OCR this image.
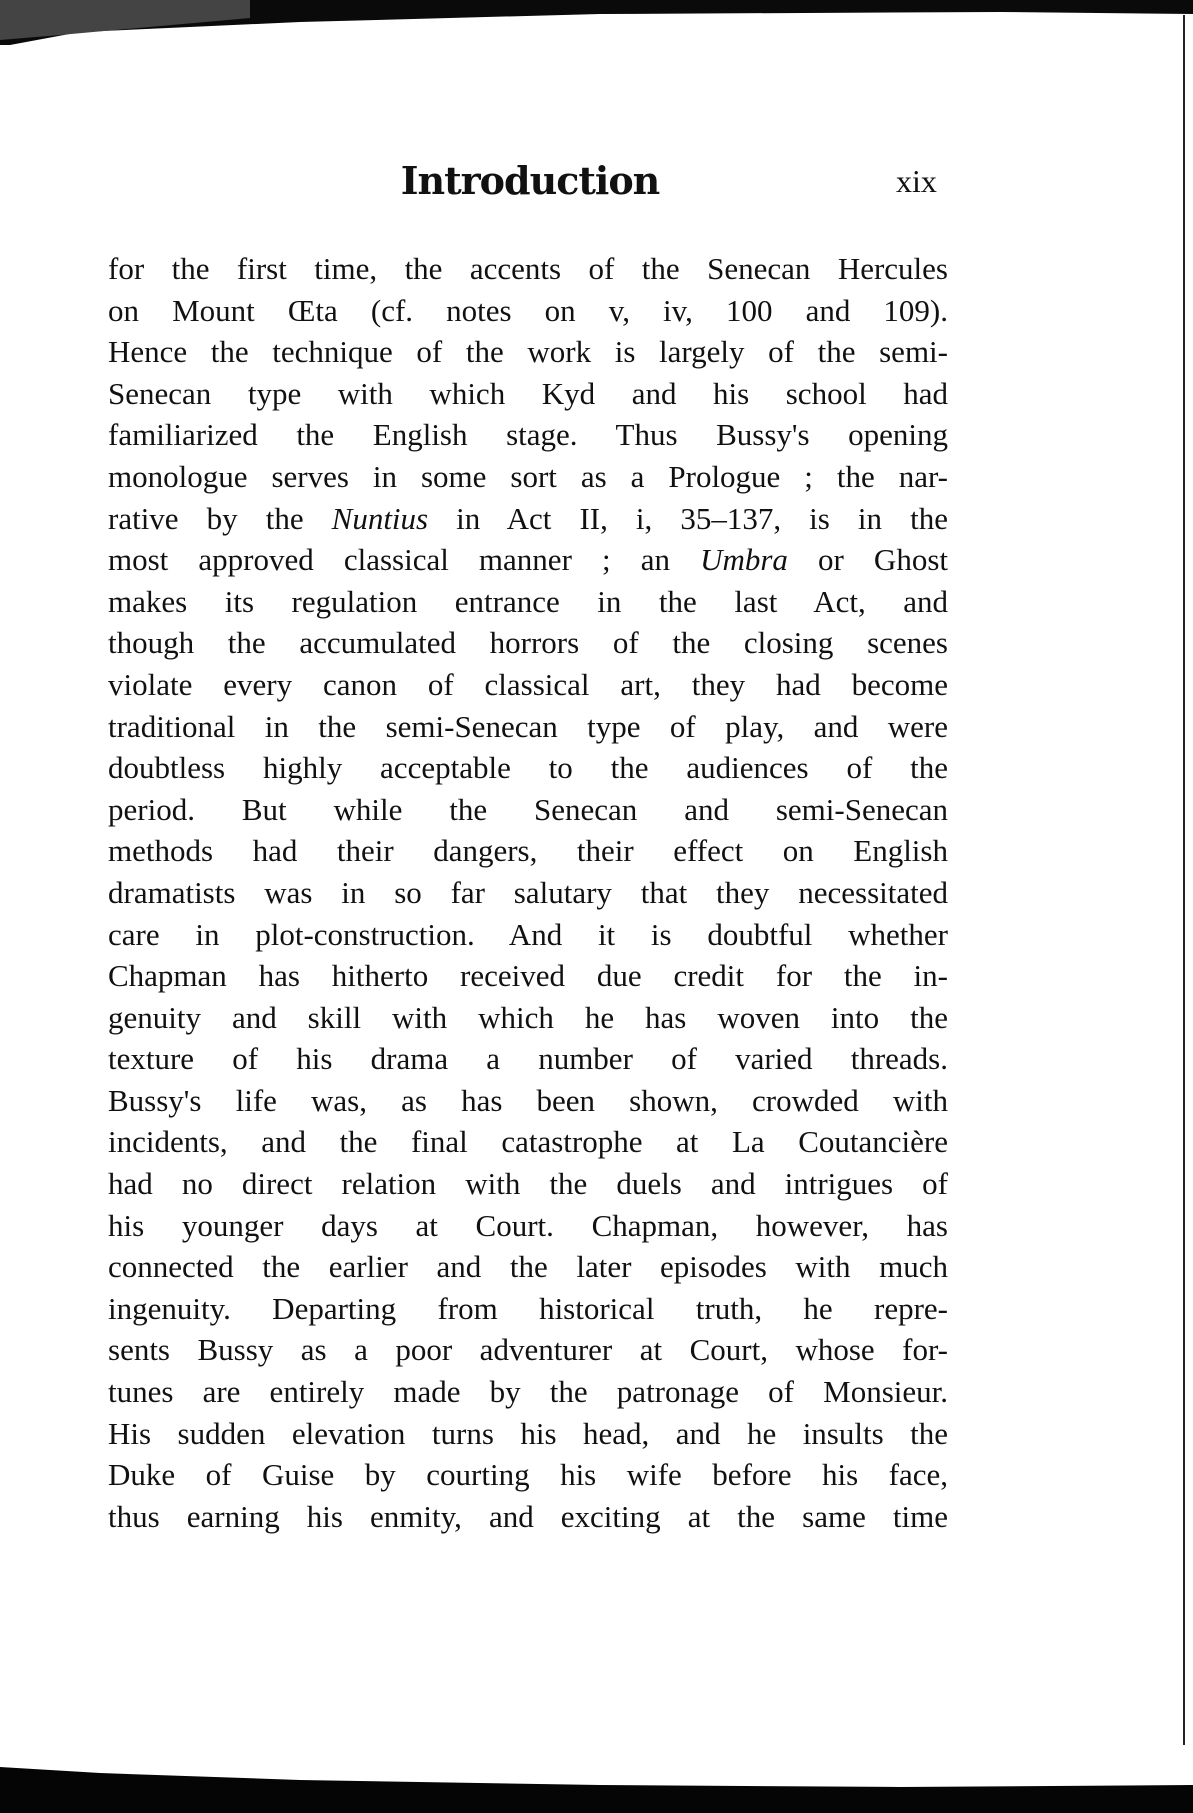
Introduction	xix
for the first time, the accents of the Senecan Hercules
on Mount Œta (cf. notes on v, iv, 100 and 109).
Hence the technique of the work is largely of the semi-
Senecan type with which Kyd and his school had
familiarized the English stage. Thus Bussy's opening
monologue serves in some sort as a Prologue ; the nar-
rative by the Nuntius in Act II, i, 35–137, is in the
most approved classical manner ; an Umbra or Ghost
makes its regulation entrance in the last Act, and
though the accumulated horrors of the closing scenes
violate every canon of classical art, they had become
traditional in the semi-Senecan type of play, and were
doubtless highly acceptable to the audiences of the
period. But while the Senecan and semi-Senecan
methods had their dangers, their effect on English
dramatists was in so far salutary that they necessitated
care in plot-construction. And it is doubtful whether
Chapman has hitherto received due credit for the in-
genuity and skill with which he has woven into the
texture of his drama a number of varied threads.
Bussy's life was, as has been shown, crowded with
incidents, and the final catastrophe at La Coutancière
had no direct relation with the duels and intrigues of
his younger days at Court. Chapman, however, has
connected the earlier and the later episodes with much
ingenuity. Departing from historical truth, he repre-
sents Bussy as a poor adventurer at Court, whose for-
tunes are entirely made by the patronage of Monsieur.
His sudden elevation turns his head, and he insults the
Duke of Guise by courting his wife before his face,
thus earning his enmity, and exciting at the same time
